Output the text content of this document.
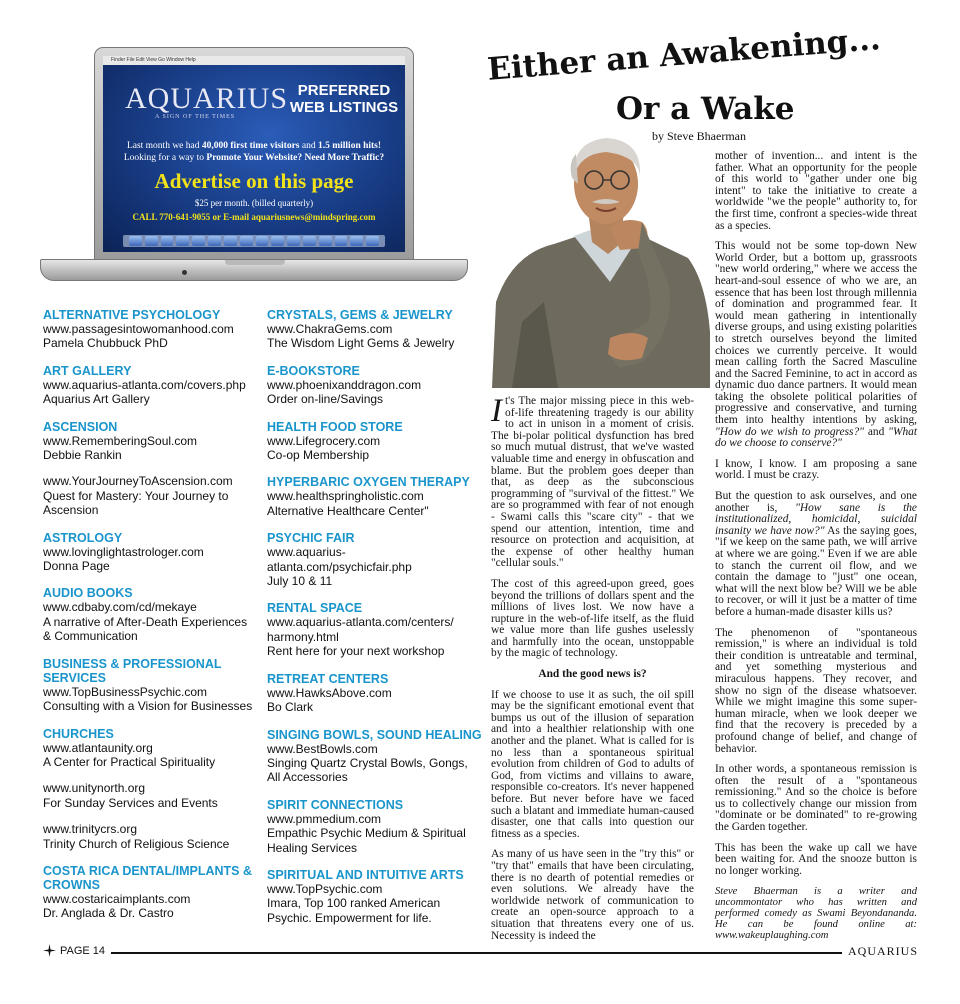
Finder File Edit View Go Window Help
AQUARIUS
A SIGN OF THE TIMES
PREFERRED
WEB LISTINGS
Last month we had 40,000 first time visitors and 1.5 million hits!
Looking for a way to Promote Your Website? Need More Traffic?
Advertise on this page
$25 per month. (billed quarterly)
CALL 770-641-9055 or E-mail aquariusnews@mindspring.com
ALTERNATIVE PSYCHOLOGY
www.passagesintowomanhood.com
Pamela Chubbuck PhD
ART GALLERY
www.aquarius-atlanta.com/covers.php
Aquarius Art Gallery
ASCENSION
www.RememberingSoul.com
Debbie Rankin
www.YourJourneyToAscension.com
Quest for Mastery: Your Journey to Ascension
ASTROLOGY
www.lovinglightastrologer.com
Donna Page
AUDIO BOOKS
www.cdbaby.com/cd/mekaye
A narrative of After-Death Experiences & Communication
BUSINESS & PROFESSIONAL SERVICES
www.TopBusinessPsychic.com
Consulting with a Vision for Businesses
CHURCHES
www.atlantaunity.org
A Center for Practical Spirituality
www.unitynorth.org
For Sunday Services and Events
www.trinitycrs.org
Trinity Church of Religious Science
COSTA RICA DENTAL/IMPLANTS & CROWNS
www.costaricaimplants.com
Dr. Anglada & Dr. Castro
CRYSTALS, GEMS & JEWELRY
www.ChakraGems.com
The Wisdom Light Gems & Jewelry
E-BOOKSTORE
www.phoenixanddragon.com
Order on-line/Savings
HEALTH FOOD STORE
www.Lifegrocery.com
Co-op Membership
HYPERBARIC OXYGEN THERAPY
www.healthspringholistic.com
Alternative Healthcare Center"
PSYCHIC FAIR
www.aquarius-atlanta.com/psychicfair.php
July 10 & 11
RENTAL SPACE
www.aquarius-atlanta.com/centers/
harmony.html
Rent here for your next workshop
RETREAT CENTERS
www.HawksAbove.com
Bo Clark
SINGING BOWLS, SOUND HEALING
www.BestBowls.com
Singing Quartz Crystal Bowls, Gongs, All Accessories
SPIRIT CONNECTIONS
www.pmmedium.com
Empathic Psychic Medium & Spiritual Healing Services
SPIRITUAL AND INTUITIVE ARTS
www.TopPsychic.com
Imara, Top 100 ranked American Psychic. Empowerment for life.
Either an Awakening...
Or a Wake
by Steve Bhaerman

It's The major missing piece in this web-of-life threatening tragedy is our ability to act in unison in a moment of crisis. The bi-polar political dysfunction has bred so much mutual distrust, that we've wasted valuable time and energy in obfuscation and blame. But the problem goes deeper than that, as deep as the subconscious programming of "survival of the fittest." We are so programmed with fear of not enough - Swami calls this "scare city" - that we spend our attention, intention, time and resource on protection and acquisition, at the expense of other healthy human "cellular souls."

The cost of this agreed-upon greed, goes beyond the trillions of dollars spent and the millions of lives lost. We now have a rupture in the web-of-life itself, as the fluid we value more than life gushes uselessly and harmfully into the ocean, unstoppable by the magic of technology.

And the good news is?

If we choose to use it as such, the oil spill may be the significant emotional event that bumps us out of the illusion of separation and into a healthier relationship with one another and the planet. What is called for is no less than a spontaneous spiritual evolution from children of God to adults of God, from victims and villains to aware, responsible co-creators. It's never happened before. But never before have we faced such a blatant and immediate human-caused disaster, one that calls into question our fitness as a species.

As many of us have seen in the "try this" or "try that" emails that have been circulating, there is no dearth of potential remedies or even solutions. We already have the worldwide network of communication to create an open-source approach to a situation that threatens every one of us. Necessity is indeed the

mother of invention... and intent is the father. What an opportunity for the people of this world to "gather under one big intent" to take the initiative to create a worldwide "we the people" authority to, for the first time, confront a species-wide threat as a species.

This would not be some top-down New World Order, but a bottom up, grassroots "new world ordering," where we access the heart-and-soul essence of who we are, an essence that has been lost through millennia of domination and programmed fear. It would mean gathering in intentionally diverse groups, and using existing polarities to stretch ourselves beyond the limited choices we currently perceive. It would mean calling forth the Sacred Masculine and the Sacred Feminine, to act in accord as dynamic duo dance partners. It would mean taking the obsolete political polarities of progressive and conservative, and turning them into healthy intentions by asking, "How do we wish to progress?" and "What do we choose to conserve?"

I know, I know. I am proposing a sane world. I must be crazy.

But the question to ask ourselves, and one another is, "How sane is the institutionalized, homicidal, suicidal insanity we have now?" As the saying goes, "if we keep on the same path, we will arrive at where we are going." Even if we are able to stanch the current oil flow, and we contain the damage to "just" one ocean, what will the next blow be? Will we be able to recover, or will it just be a matter of time before a human-made disaster kills us?

The phenomenon of "spontaneous remission," is where an individual is told their condition is untreatable and terminal, and yet something mysterious and miraculous happens. They recover, and show no sign of the disease whatsoever. While we might imagine this some super-human miracle, when we look deeper we find that the recovery is preceded by a profound change of belief, and change of behavior.

In other words, a spontaneous remission is often the result of a "spontaneous remissioning." And so the choice is before us to collectively change our mission from "dominate or be dominated" to re-growing the Garden together.

This has been the wake up call we have been waiting for. And the snooze button is no longer working.

Steve Bhaerman is a writer and uncommontator who has written and performed comedy as Swami Beyondananda. He can be found online at: www.wakeuplaughing.com

PAGE 14	AQUARIUS
